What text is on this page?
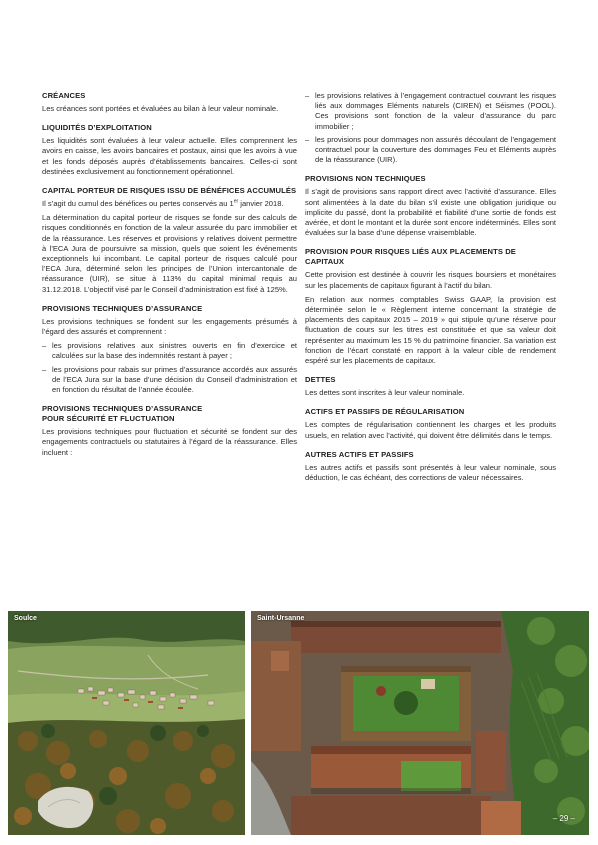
CRÉANCES

Les créances sont portées et évaluées au bilan à leur valeur nominale.

LIQUIDITÉS D’EXPLOITATION

Les liquidités sont évaluées à leur valeur actuelle. Elles comprennent les avoirs en caisse, les avoirs bancaires et postaux, ainsi que les avoirs à vue et les fonds déposés auprès d’établissements bancaires. Celles-ci sont destinées exclusivement au fonctionnement opérationnel.

CAPITAL PORTEUR DE RISQUES ISSU DE BÉNÉFICES ACCUMULÉS

Il s’agit du cumul des bénéfices ou pertes conservés au 1er janvier 2018.

La détermination du capital porteur de risques se fonde sur des calculs de risques conditionnés en fonction de la valeur assurée du parc immobilier et de la réassurance. Les réserves et provisions y relatives doivent permettre à l’ECA Jura de poursuivre sa mission, quels que soient les événements exceptionnels lui incombant. Le capital porteur de risques calculé pour l’ECA Jura, déterminé selon les principes de l’Union intercantonale de réassurance (UIR), se situe à 113% du capital minimal requis au 31.12.2018. L’objectif visé par le Conseil d’administration est fixé à 125%.

PROVISIONS TECHNIQUES D’ASSURANCE

Les provisions techniques se fondent sur les engagements présumés à l’égard des assurés et comprennent :

– les provisions relatives aux sinistres ouverts en fin d’exercice et calculées sur la base des indemnités restant à payer ;
– les provisions pour rabais sur primes d’assurance accordés aux assurés de l’ECA Jura sur la base d’une décision du Conseil d’administration et en fonction du résultat de l’année écoulée.
PROVISIONS TECHNIQUES D’ASSURANCE
POUR SÉCURITÉ ET FLUCTUATION

Les provisions techniques pour fluctuation et sécurité se fondent sur des engagements contractuels ou statutaires à l’égard de la réassurance. Elles incluent :

– les provisions relatives à l’engagement contractuel couvrant les risques liés aux dommages Eléments naturels (CIREN) et Séismes (POOL). Ces provisions sont fonction de la valeur d’assurance du parc immobilier ;
– les provisions pour dommages non assurés découlant de l’engagement contractuel pour la couverture des dommages Feu et Eléments auprès de la réassurance (UIR).
PROVISIONS NON TECHNIQUES

Il s’agit de provisions sans rapport direct avec l’activité d’assurance. Elles sont alimentées à la date du bilan s’il existe une obligation juridique ou implicite du passé, dont la probabilité et fiabilité d’une sortie de fonds est avérée, et dont le montant et la durée sont encore indéterminés. Elles sont évaluées sur la base d’une dépense vraisemblable.

PROVISION POUR RISQUES LIÉS AUX PLACEMENTS DE CAPITAUX

Cette provision est destinée à couvrir les risques boursiers et monétaires sur les placements de capitaux figurant à l’actif du bilan.

En relation aux normes comptables Swiss GAAP, la provision est déterminée selon le « Règlement interne concernant la stratégie de placements des capitaux 2015 – 2019 » qui stipule qu’une réserve pour fluctuation de cours sur les titres est constituée et que sa valeur doit représenter au maximum les 15 % du patrimoine financier. Sa variation est fonction de l’écart constaté en rapport à la valeur cible de rendement espéré sur les placements de capitaux.

DETTES

Les dettes sont inscrites à leur valeur nominale.

ACTIFS ET PASSIFS DE RÉGULARISATION

Les comptes de régularisation contiennent les charges et les produits usuels, en relation avec l’activité, qui doivent être délimités dans le temps.

AUTRES ACTIFS ET PASSIFS

Les autres actifs et passifs sont présentés à leur valeur nominale, sous déduction, le cas échéant, des corrections de valeur nécessaires.

Soulce	Saint-Ursanne
– 29 –
